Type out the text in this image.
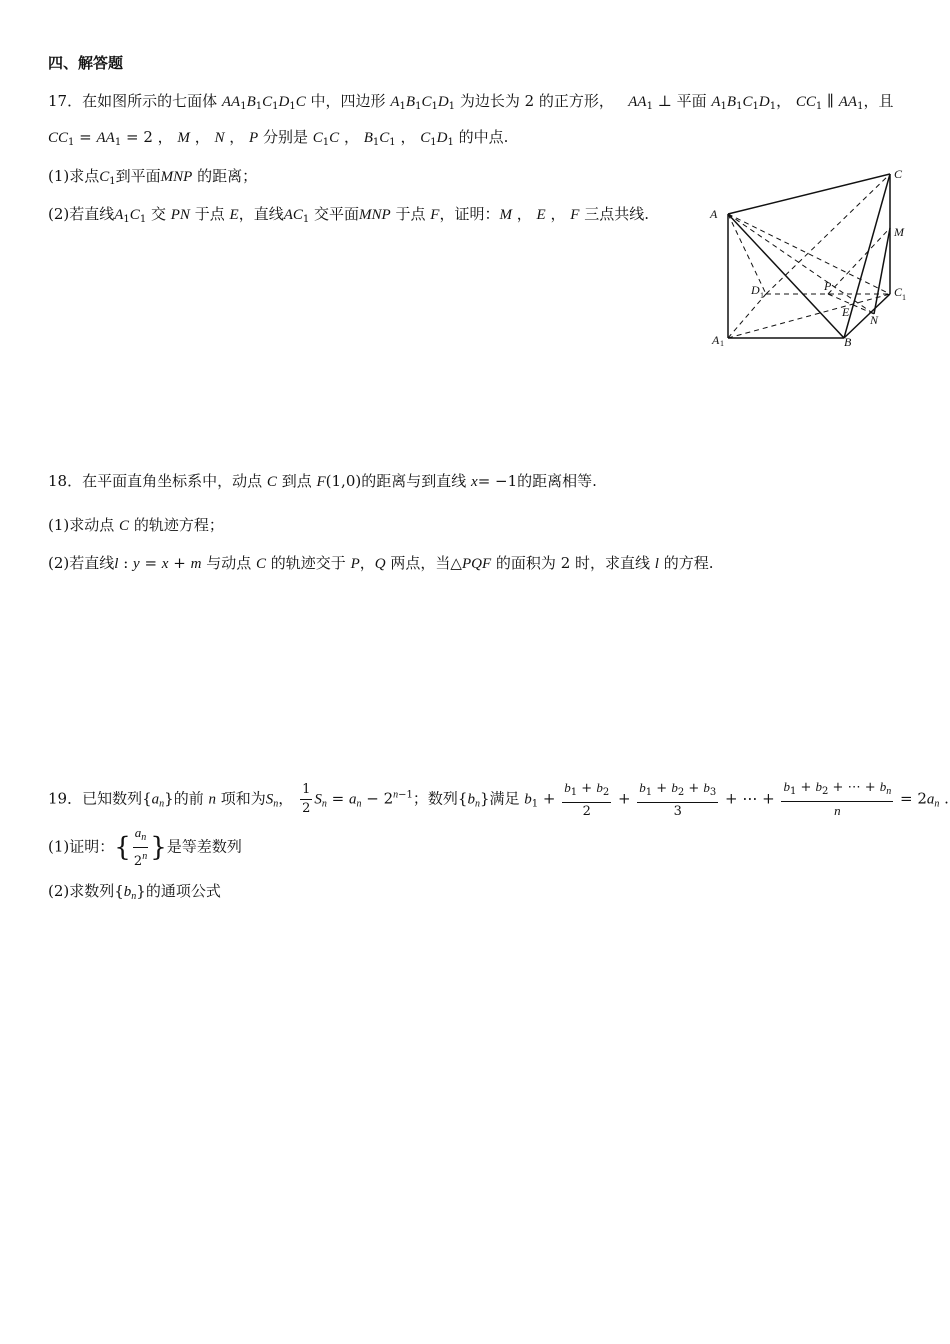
四、解答题
17．在如图所示的七面体 $AA_1B_1C_1D_1C$ 中，四边形 $A_1B_1C_1D_1$ 为边长为 2 的正方形， $AA_1$ ⊥ 平面 $A_1B_1C_1D_1$， $CC_1$ ∥ $AA_1$，且
$CC_1 = AA_1 = 2$ ， M ， N ， P 分别是 $C_1C$ ， $B_1C_1$ ， $C_1D_1$ 的中点.
(1)求点$C_1$到平面MNP 的距离；
(2)若直线$A_1C_1$ 交 PN 于点 E，直线$AC_1$ 交平面MNP 于点 F，证明：M ， E ， F 三点共线.	A
C
M
D 1
P	C 1
E
N
A 1	B
18．在平面直角坐标系中，动点 C 到点 F(1,0)的距离与到直线 x= −1的距离相等.
(1)求动点 C 的轨迹方程；
(2)若直线l : y = x + m 与动点 C 的轨迹交于 P，Q 两点，当△PQF 的面积为 2 时，求直线 l 的方程.
19．已知数列$\{a_n\}$的前 n 项和为$S_n$， $\frac{1}{2} S_n = a_n - 2^{n-1}$；数列$\{b_n\}$满足 $b_1 + \frac{b_1 + b_2}{2} + \frac{b_1 + b_2 + b_3}{3}$ + ⋯ + $\frac{b_1 + b_2 + \cdots + b_n}{n} = 2a_n$ .
(1)证明：{ $\frac{a_n}{2^n}$ }是等差数列
(2)求数列$\{b_n\}$的通项公式
